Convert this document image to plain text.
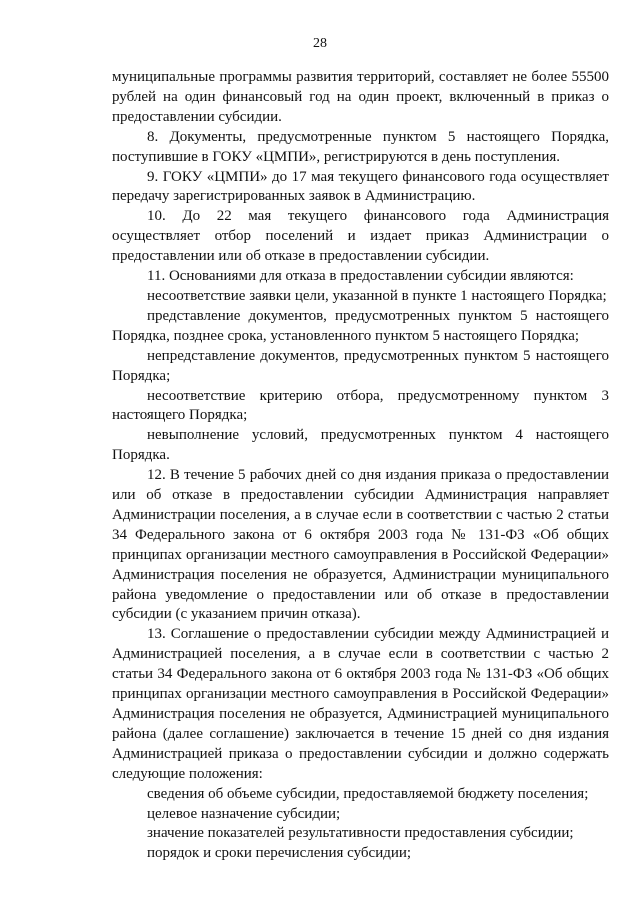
28

муниципальные программы развития территорий, составляет не более 55500 рублей на один финансовый год на один проект, включенный в приказ о предоставлении субсидии.

8. Документы, предусмотренные пунктом 5 настоящего Порядка, поступившие в ГОКУ «ЦМПИ», регистрируются в день поступления.

9. ГОКУ «ЦМПИ» до 17 мая текущего финансового года осуществляет передачу зарегистрированных заявок в Администрацию.

10. До 22 мая текущего финансового года Администрация осуществляет отбор поселений и издает приказ Администрации о предоставлении или об отказе в предоставлении субсидии.

11. Основаниями для отказа в предоставлении субсидии являются:

несоответствие заявки цели, указанной в пункте 1 настоящего Порядка;

представление документов, предусмотренных пунктом 5 настоящего Порядка, позднее срока, установленного пунктом 5 настоящего Порядка;

непредставление документов, предусмотренных пунктом 5 настоящего Порядка;

несоответствие критерию отбора, предусмотренному пунктом 3 настоящего Порядка;

невыполнение условий, предусмотренных пунктом 4 настоящего Порядка.

12. В течение 5 рабочих дней со дня издания приказа о предоставлении или об отказе в предоставлении субсидии Администрация направляет Администрации поселения, а в случае если в соответствии с частью 2 статьи 34 Федерального закона от 6 октября 2003 года № 131-ФЗ «Об общих принципах организации местного самоуправления в Российской Федерации» Администрация поселения не образуется, Администрации муниципального района уведомление о предоставлении или об отказе в предоставлении субсидии (с указанием причин отказа).

13. Соглашение о предоставлении субсидии между Администрацией и Администрацией поселения, а в случае если в соответствии с частью 2 статьи 34 Федерального закона от 6 октября 2003 года № 131-ФЗ «Об общих принципах организации местного самоуправления в Российской Федерации» Администрация поселения не образуется, Администрацией муниципального района (далее соглашение) заключается в течение 15 дней со дня издания Администрацией приказа о предоставлении субсидии и должно содержать следующие положения:

сведения об объеме субсидии, предоставляемой бюджету поселения;

целевое назначение субсидии;

значение показателей результативности предоставления субсидии;

порядок и сроки перечисления субсидии;
